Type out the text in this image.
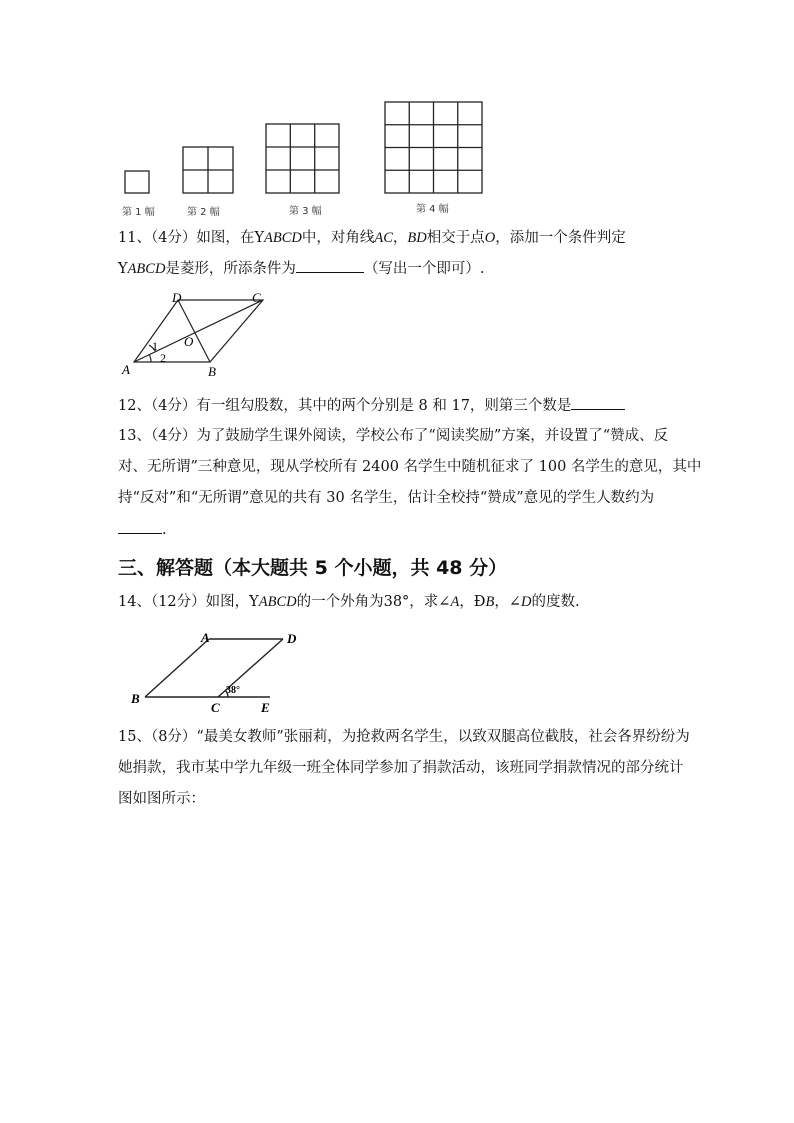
第 1 幅	第 2 幅	第 3 幅	第 4 幅
11、（4分）如图，在YABCD中，对角线AC，BD相交于点O，添加一个条件判定
YABCD是菱形，所添条件为	（写出一个即可）.
A	B
C
D
O
1
2
12、（4分）有一组勾股数，其中的两个分别是 8 和 17，则第三个数是
13、（4分）为了鼓励学生课外阅读，学校公布了“阅读奖励”方案，并设置了“赞成、反
对、无所谓”三种意见，现从学校所有 2400 名学生中随机征求了 100 名学生的意见，其中
持“反对”和“无所谓”意见的共有 30 名学生，估计全校持“赞成”意见的学生人数约为
.
三、解答题（本大题共 5 个小题，共 48 分）
14、（12分）如图，YABCD的一个外角为38°，求∠A，ÐB，∠D的度数.
B
A	D
C	E
38°
15、（8分）“最美女教师”张丽莉，为抢救两名学生，以致双腿高位截肢，社会各界纷纷为
她捐款，我市某中学九年级一班全体同学参加了捐款活动，该班同学捐款情况的部分统计
图如图所示：
